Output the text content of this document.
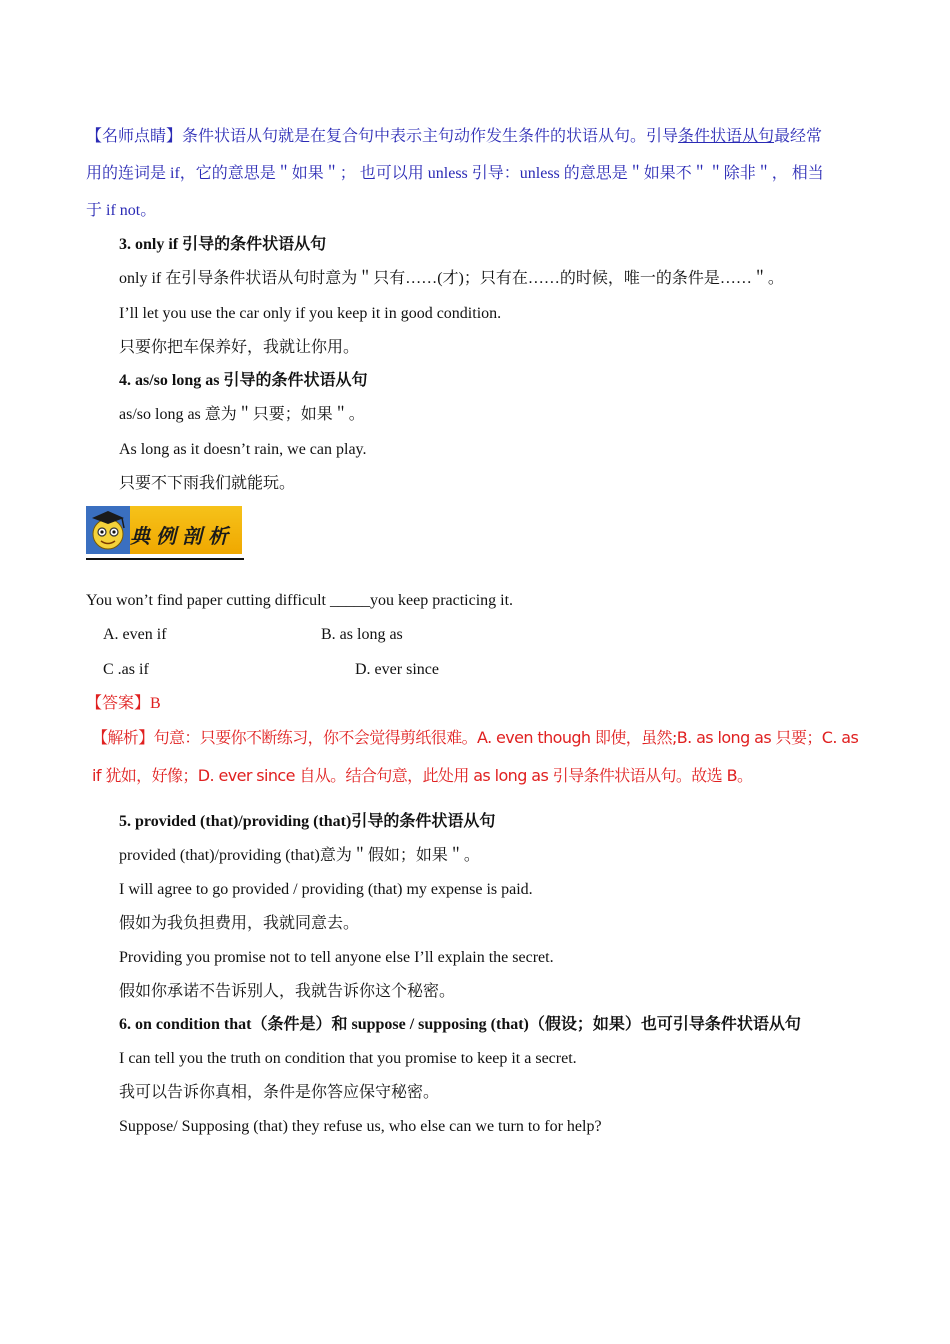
【名师点睛】条件状语从句就是在复合句中表示主句动作发生条件的状语从句。引导条件状语从句最经常
用的连词是 if，它的意思是＂如果＂； 也可以用 unless 引导：unless 的意思是＂如果不＂＂除非＂， 相当
于 if not。
3. only if 引导的条件状语从句
only if 在引导条件状语从句时意为＂只有……(才)；只有在……的时候，唯一的条件是……＂。
I’ll let you use the car only if you keep it in good condition.
只要你把车保养好，我就让你用。
4. as/so long as 引导的条件状语从句
as/so long as 意为＂只要；如果＂。
As long as it doesn’t rain, we can play.
只要不下雨我们就能玩。
典例剖析
You won’t find paper cutting difficult _____you keep practicing it.
A. even if	B. as long as
C .as if	D. ever since
【答案】B
【解析】句意：只要你不断练习，你不会觉得剪纸很难。A. even though 即使，虽然;B. as long as 只要；C. as
if 犹如，好像；D. ever since 自从。结合句意，此处用 as long as 引导条件状语从句。故选 B。
5. provided (that)/providing (that)引导的条件状语从句
provided (that)/providing (that)意为＂假如；如果＂。
I will agree to go provided / providing (that) my expense is paid.
假如为我负担费用，我就同意去。
Providing you promise not to tell anyone else I’ll explain the secret.
假如你承诺不告诉别人，我就告诉你这个秘密。
6. on condition that（条件是）和 suppose / supposing (that)（假设；如果）也可引导条件状语从句
I can tell you the truth on condition that you promise to keep it a secret.
我可以告诉你真相，条件是你答应保守秘密。
Suppose/ Supposing (that) they refuse us, who else can we turn to for help?
